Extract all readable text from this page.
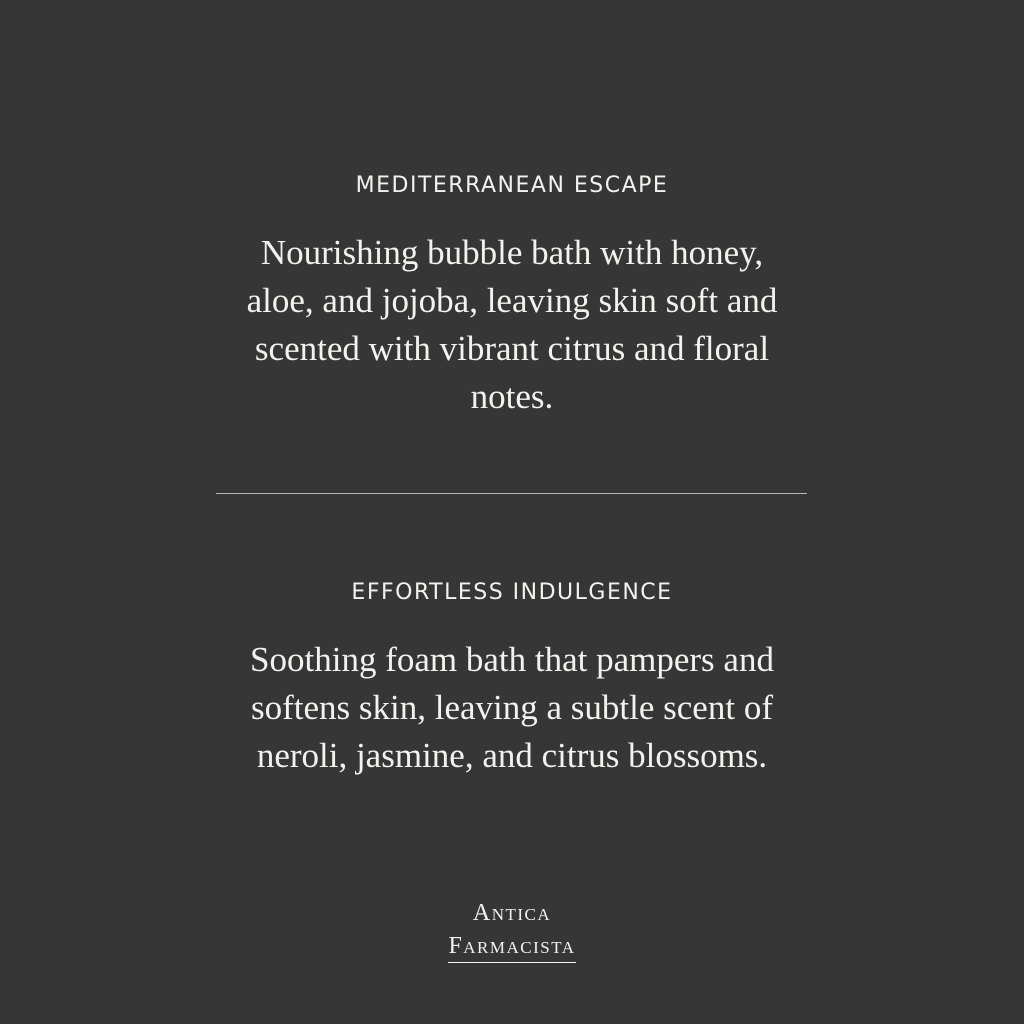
MEDITERRANEAN ESCAPE

Nourishing bubble bath with honey, aloe, and jojoba, leaving skin soft and scented with vibrant citrus and floral notes.

EFFORTLESS INDULGENCE

Soothing foam bath that pampers and softens skin, leaving a subtle scent of neroli, jasmine, and citrus blossoms.

Antica
Farmacista
